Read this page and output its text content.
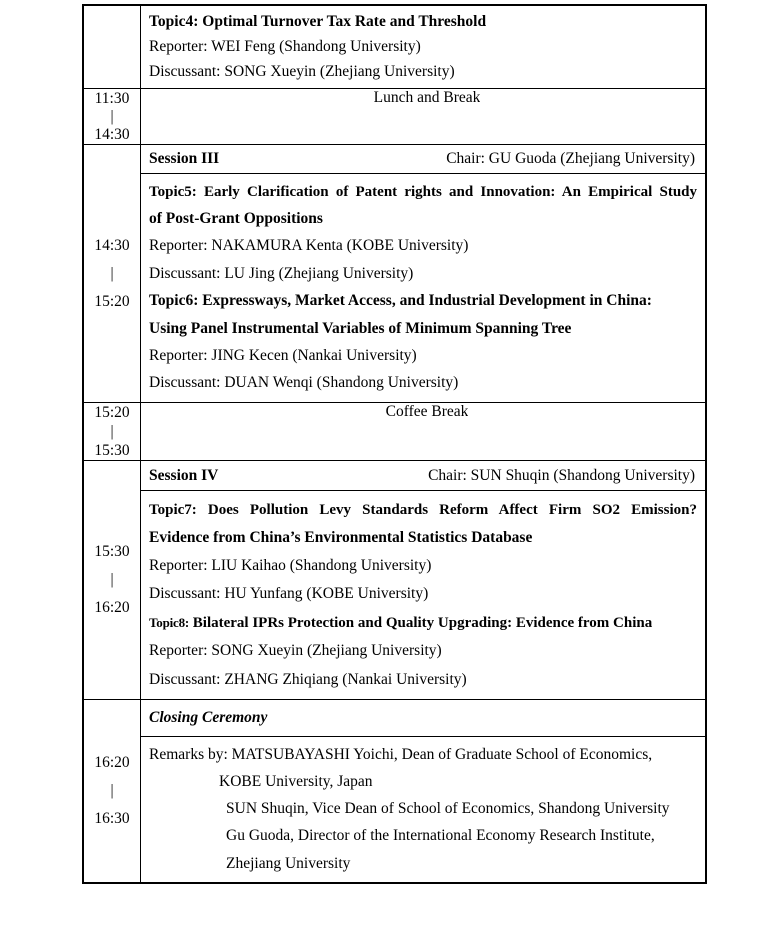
Topic4: Optimal Turnover Tax Rate and Threshold
Reporter: WEI Feng (Shandong University)
Discussant: SONG Xueyin (Zhejiang University)
11:30
|
14:30
Lunch and Break
14:30
|
15:20
Session III	Chair: GU Guoda (Zhejiang University)
Topic5: Early Clarification of Patent rights and Innovation: An Empirical Study
of Post-Grant Oppositions
Reporter: NAKAMURA Kenta (KOBE University)
Discussant: LU Jing (Zhejiang University)
Topic6: Expressways, Market Access, and Industrial Development in China:
Using Panel Instrumental Variables of Minimum Spanning Tree
Reporter: JING Kecen (Nankai University)
Discussant: DUAN Wenqi (Shandong University)
15:20
|
15:30
Coffee Break
15:30
|
16:20
Session IV	Chair: SUN Shuqin (Shandong University)
Topic7: Does Pollution Levy Standards Reform Affect Firm SO2 Emission?
Evidence from China’s Environmental Statistics Database
Reporter: LIU Kaihao (Shandong University)
Discussant: HU Yunfang (KOBE University)
Topic8: Bilateral IPRs Protection and Quality Upgrading: Evidence from China
Reporter: SONG Xueyin (Zhejiang University)
Discussant: ZHANG Zhiqiang (Nankai University)
16:20
|
16:30
Closing Ceremony
Remarks by: MATSUBAYASHI Yoichi, Dean of Graduate School of Economics,
KOBE University, Japan
SUN Shuqin, Vice Dean of School of Economics, Shandong University
Gu Guoda, Director of the International Economy Research Institute,
Zhejiang University
